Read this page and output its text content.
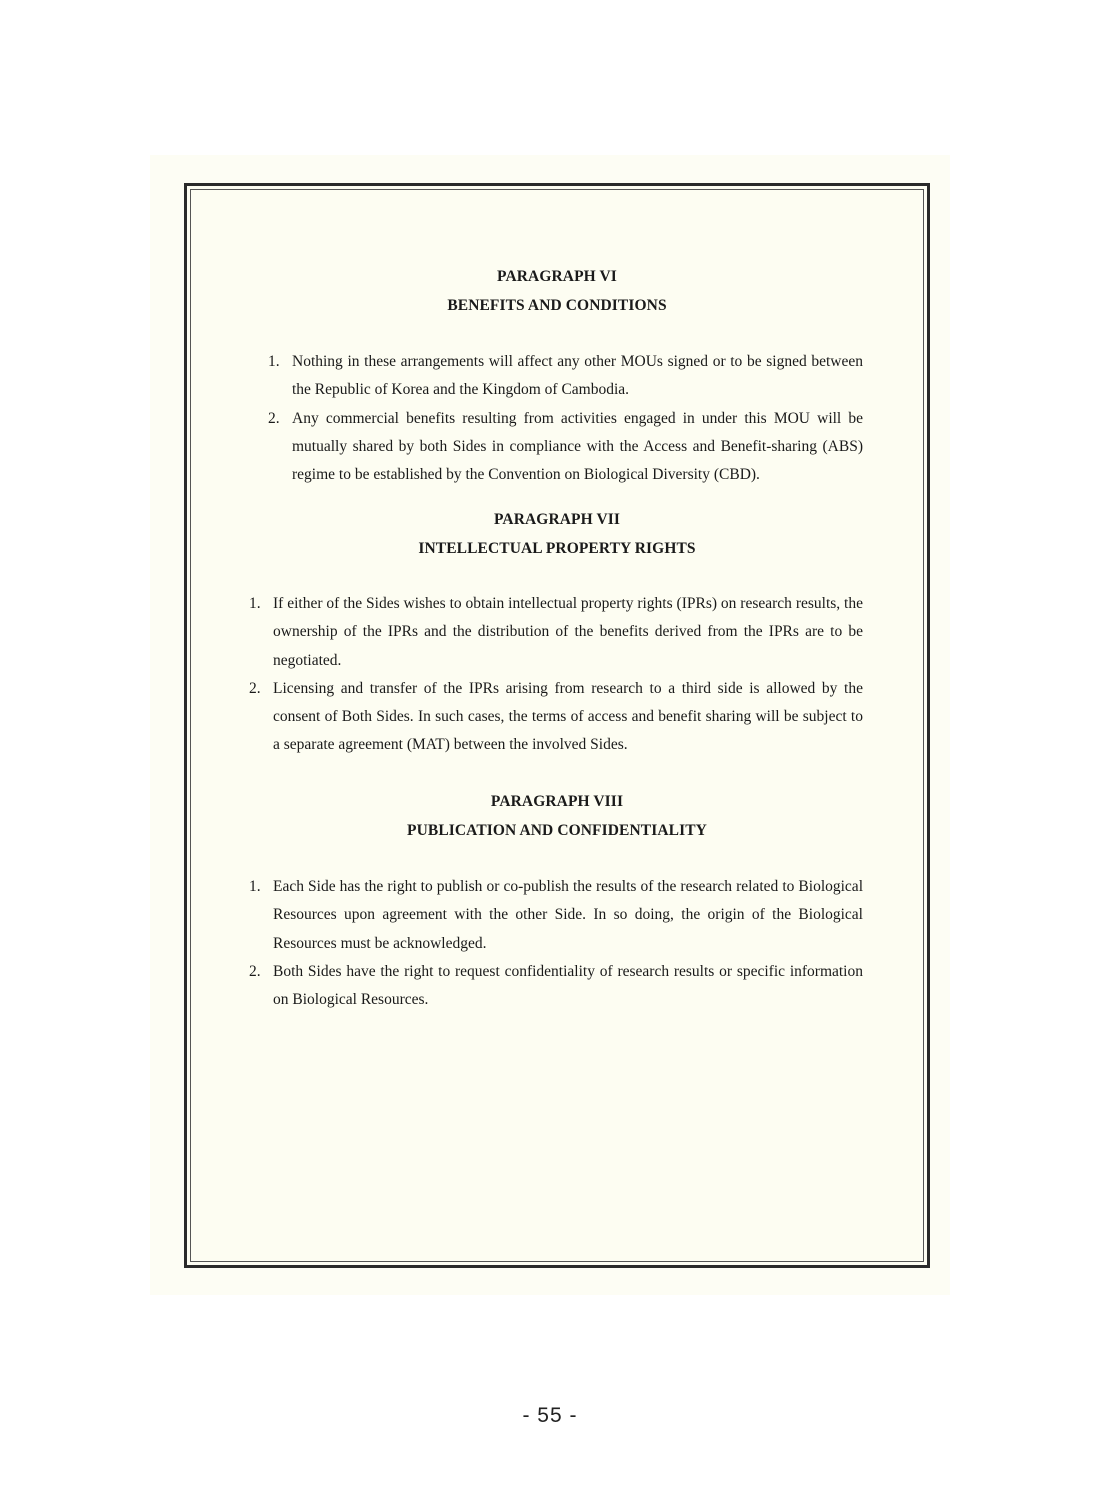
PARAGRAPH VI
BENEFITS AND CONDITIONS
1. Nothing in these arrangements will affect any other MOUs signed or to be signed between the Republic of Korea and the Kingdom of Cambodia.
2. Any commercial benefits resulting from activities engaged in under this MOU will be mutually shared by both Sides in compliance with the Access and Benefit-sharing (ABS) regime to be established by the Convention on Biological Diversity (CBD).
PARAGRAPH VII
INTELLECTUAL PROPERTY RIGHTS
1. If either of the Sides wishes to obtain intellectual property rights (IPRs) on research results, the ownership of the IPRs and the distribution of the benefits derived from the IPRs are to be negotiated.
2. Licensing and transfer of the IPRs arising from research to a third side is allowed by the consent of Both Sides. In such cases, the terms of access and benefit sharing will be subject to a separate agreement (MAT) between the involved Sides.
PARAGRAPH VIII
PUBLICATION AND CONFIDENTIALITY
1. Each Side has the right to publish or co-publish the results of the research related to Biological Resources upon agreement with the other Side. In so doing, the origin of the Biological Resources must be acknowledged.
2. Both Sides have the right to request confidentiality of research results or specific information on Biological Resources.
- 55 -
